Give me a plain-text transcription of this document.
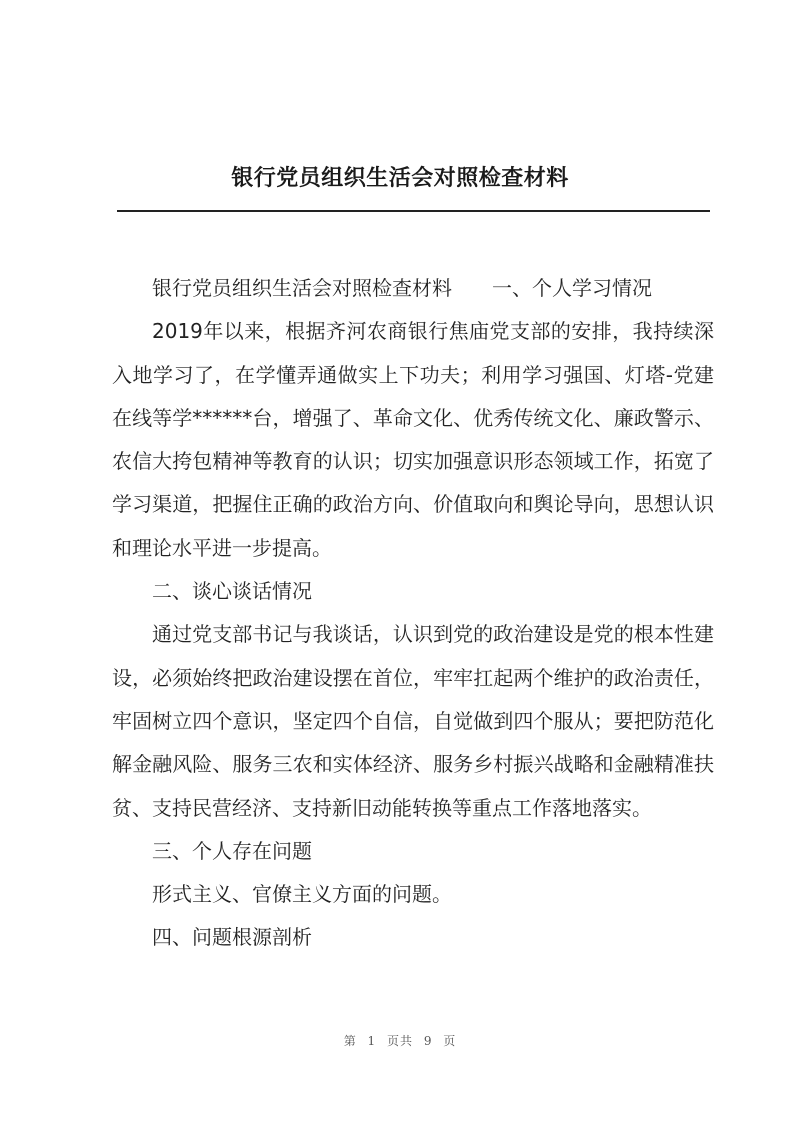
银行党员组织生活会对照检查材料

银行党员组织生活会对照检查材料 一、个人学习情况

2019年以来，根据齐河农商银行焦庙党支部的安排，我持续深入地学习了，在学懂弄通做实上下功夫；利用学习强国、灯塔-党建在线等学******台，增强了、革命文化、优秀传统文化、廉政警示、农信大挎包精神等教育的认识；切实加强意识形态领域工作，拓宽了学习渠道，把握住正确的政治方向、价值取向和舆论导向，思想认识和理论水平进一步提高。

二、谈心谈话情况

通过党支部书记与我谈话，认识到党的政治建设是党的根本性建设，必须始终把政治建设摆在首位，牢牢扛起两个维护的政治责任，牢固树立四个意识，坚定四个自信，自觉做到四个服从；要把防范化解金融风险、服务三农和实体经济、服务乡村振兴战略和金融精准扶贫、支持民营经济、支持新旧动能转换等重点工作落地落实。

三、个人存在问题

形式主义、官僚主义方面的问题。

四、问题根源剖析

第 1 页共 9 页
